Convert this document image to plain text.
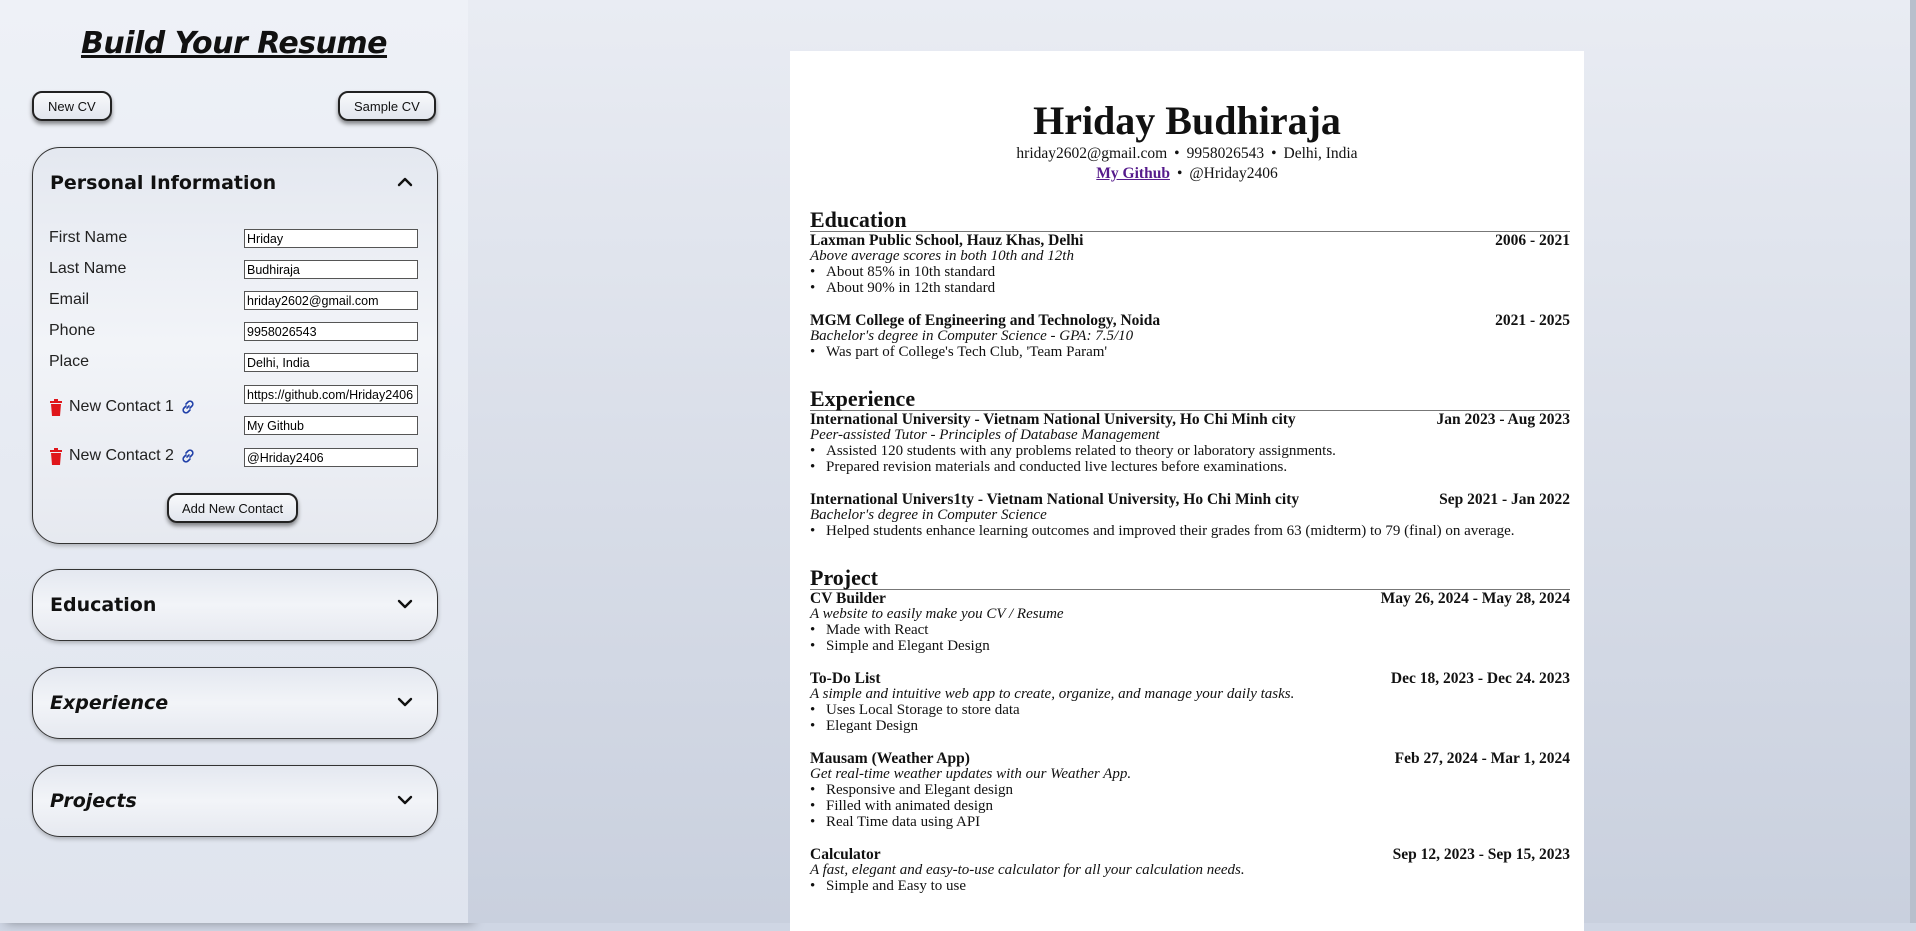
Build Your Resume
New CV	Sample CV
Personal Information
First Name
Hriday
Last Name
Budhiraja
Email
hriday2602@gmail.com
Phone
9958026543
Place
Delhi, India
New Contact 1
https://github.com/Hriday2406
My Github
New Contact 2
@Hriday2406
Add New Contact
Education
Experience
Projects
Hriday Budhiraja
hriday2602@gmail.com • 9958026543 • Delhi, India
My Github • @Hriday2406
Education
Laxman Public School, Hauz Khas, Delhi	2006 - 2021
Above average scores in both 10th and 12th
• About 85% in 10th standard
• About 90% in 12th standard
MGM College of Engineering and Technology, Noida	2021 - 2025
Bachelor's degree in Computer Science - GPA: 7.5/10
• Was part of College's Tech Club, 'Team Param'
Experience
International University - Vietnam National University, Ho Chi Minh city	Jan 2023 - Aug 2023
Peer-assisted Tutor - Principles of Database Management
• Assisted 120 students with any problems related to theory or laboratory assignments.
• Prepared revision materials and conducted live lectures before examinations.
International Univers1ty - Vietnam National University, Ho Chi Minh city	Sep 2021 - Jan 2022
Bachelor's degree in Computer Science
• Helped students enhance learning outcomes and improved their grades from 63 (midterm) to 79 (final) on average.
Project
CV Builder	May 26, 2024 - May 28, 2024
A website to easily make you CV / Resume
• Made with React
• Simple and Elegant Design
To-Do List	Dec 18, 2023 - Dec 24. 2023
A simple and intuitive web app to create, organize, and manage your daily tasks.
• Uses Local Storage to store data
• Elegant Design
Mausam (Weather App)	Feb 27, 2024 - Mar 1, 2024
Get real-time weather updates with our Weather App.
• Responsive and Elegant design
• Filled with animated design
• Real Time data using API
Calculator	Sep 12, 2023 - Sep 15, 2023
A fast, elegant and easy-to-use calculator for all your calculation needs.
• Simple and Easy to use
